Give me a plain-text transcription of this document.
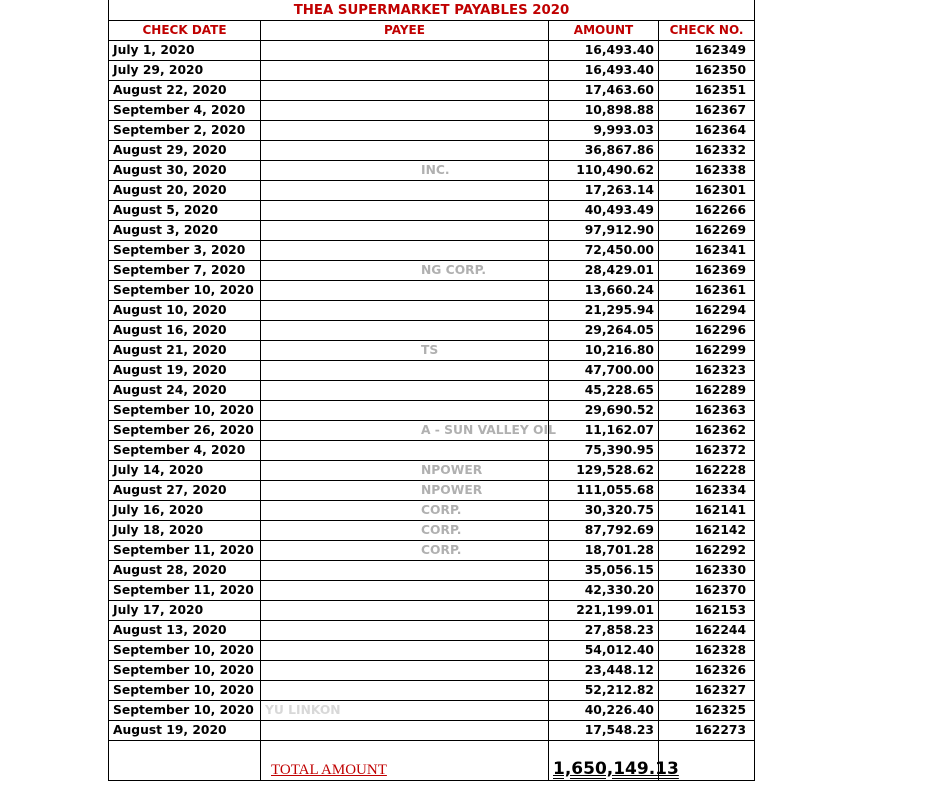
THEA SUPERMARKET PAYABLES 2020			
CHECK DATE	PAYEE	AMOUNT	CHECK NO.
July 1, 2020		16,493.40	162349
July 29, 2020		16,493.40	162350
August 22, 2020		17,463.60	162351
September 4, 2020		10,898.88	162367
September 2, 2020		9,993.03	162364
August 29, 2020		36,867.86	162332
August 30, 2020	INC.	110,490.62	162338
August 20, 2020		17,263.14	162301
August 5, 2020		40,493.49	162266
August 3, 2020		97,912.90	162269
September 3, 2020		72,450.00	162341
September 7, 2020	NG CORP.	28,429.01	162369
September 10, 2020		13,660.24	162361
August 10, 2020		21,295.94	162294
August 16, 2020		29,264.05	162296
August 21, 2020	TS	10,216.80	162299
August 19, 2020		47,700.00	162323
August 24, 2020		45,228.65	162289
September 10, 2020		29,690.52	162363
September 26, 2020	A - SUN VALLEY OIL	11,162.07	162362
September 4, 2020		75,390.95	162372
July 14, 2020	NPOWER	129,528.62	162228
August 27, 2020	NPOWER	111,055.68	162334
July 16, 2020	CORP.	30,320.75	162141
July 18, 2020	CORP.	87,792.69	162142
September 11, 2020	CORP.	18,701.28	162292
August 28, 2020		35,056.15	162330
September 11, 2020		42,330.20	162370
July 17, 2020		221,199.01	162153
August 13, 2020		27,858.23	162244
September 10, 2020		54,012.40	162328
September 10, 2020		23,448.12	162326
September 10, 2020		52,212.82	162327
September 10, 2020	YU LINKON	40,226.40	162325
August 19, 2020		17,548.23	162273
	TOTAL AMOUNT	1,650,149.13	
